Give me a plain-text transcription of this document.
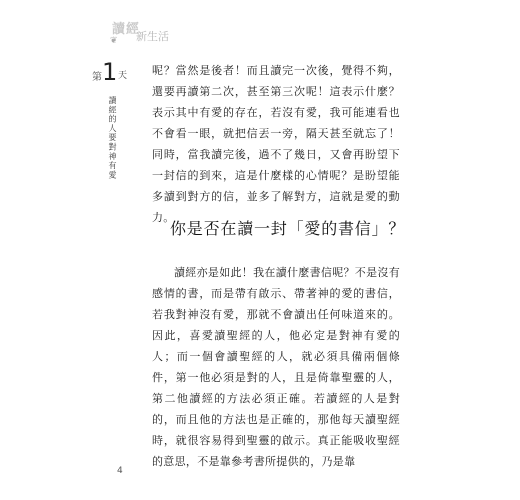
讀經
新生活
❦
第 1 天
讀經的人要對神有愛

呢？當然是後者！而且讀完一次後，覺得不夠，還要再讀第二次，甚至第三次呢！這表示什麼？表示其中有愛的存在，若沒有愛，我可能連看也不會看一眼，就把信丟一旁，隔天甚至就忘了！同時，當我讀完後，過不了幾日，又會再盼望下一封信的到來，這是什麼樣的心情呢？是盼望能多讀到對方的信，並多了解對方，這就是愛的動力。

你是否在讀一封「愛的書信」？

讀經亦是如此！我在讀什麼書信呢？不是沒有感情的書，而是帶有啟示、帶著神的愛的書信，若我對神沒有愛，那就不會讀出任何味道來的。因此，喜愛讀聖經的人，他必定是對神有愛的人；而一個會讀聖經的人，就必須具備兩個條件，第一他必須是對的人，且是倚靠聖靈的人，第二他讀經的方法必須正確。若讀經的人是對的，而且他的方法也是正確的，那他每天讀聖經時，就很容易得到聖靈的啟示。真正能吸收聖經的意思，不是靠參考書所提供的，乃是靠

4
